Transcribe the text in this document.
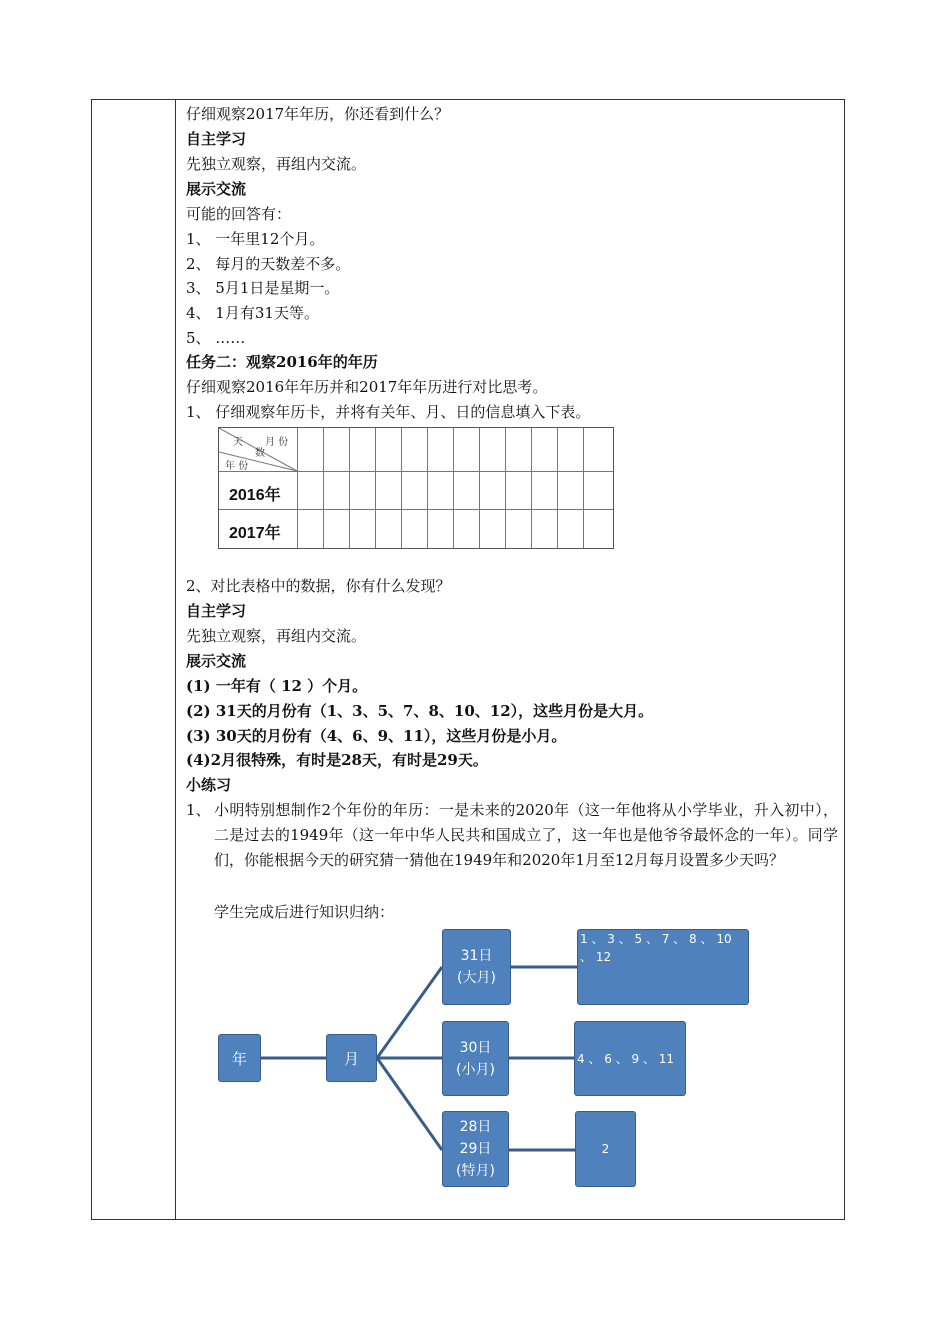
仔细观察2017年年历，你还看到什么？
自主学习
先独立观察，再组内交流。
展示交流
可能的回答有：
1、 一年里12个月。
2、 每月的天数差不多。
3、 5月1日是星期一。
4、 1月有31天等。
5、 ……
任务二：观察2016年的年历
仔细观察2016年年历并和2017年年历进行对比思考。
1、 仔细观察年历卡，并将有关年、月、日的信息填入下表。
天 月 份
数
年 份
2016年
2017年
2、对比表格中的数据，你有什么发现？
自主学习
先独立观察，再组内交流。
展示交流
(1) 一年有（ 12 ）个月。
(2) 31天的月份有（1、3、5、7、8、10、12），这些月份是大月。
(3) 30天的月份有（4、6、9、11），这些月份是小月。
(4)2月很特殊，有时是28天，有时是29天。
小练习
1、 小明特别想制作2个年份的年历：一是未来的2020年（这一年他将从小学毕业，升入初中），二是过去的1949年（这一年中华人民共和国成立了，这一年也是他爷爷最怀念的一年）。同学们，你能根据今天的研究猜一猜他在1949年和2020年1月至12月每月设置多少天吗？
学生完成后进行知识归纳：
年	月
31日
(大月)
30日
(小月)
28日
29日
(特月)
1 、 3 、 5 、 7 、 8 、 10
、 12
4 、 6 、 9 、 11
2
